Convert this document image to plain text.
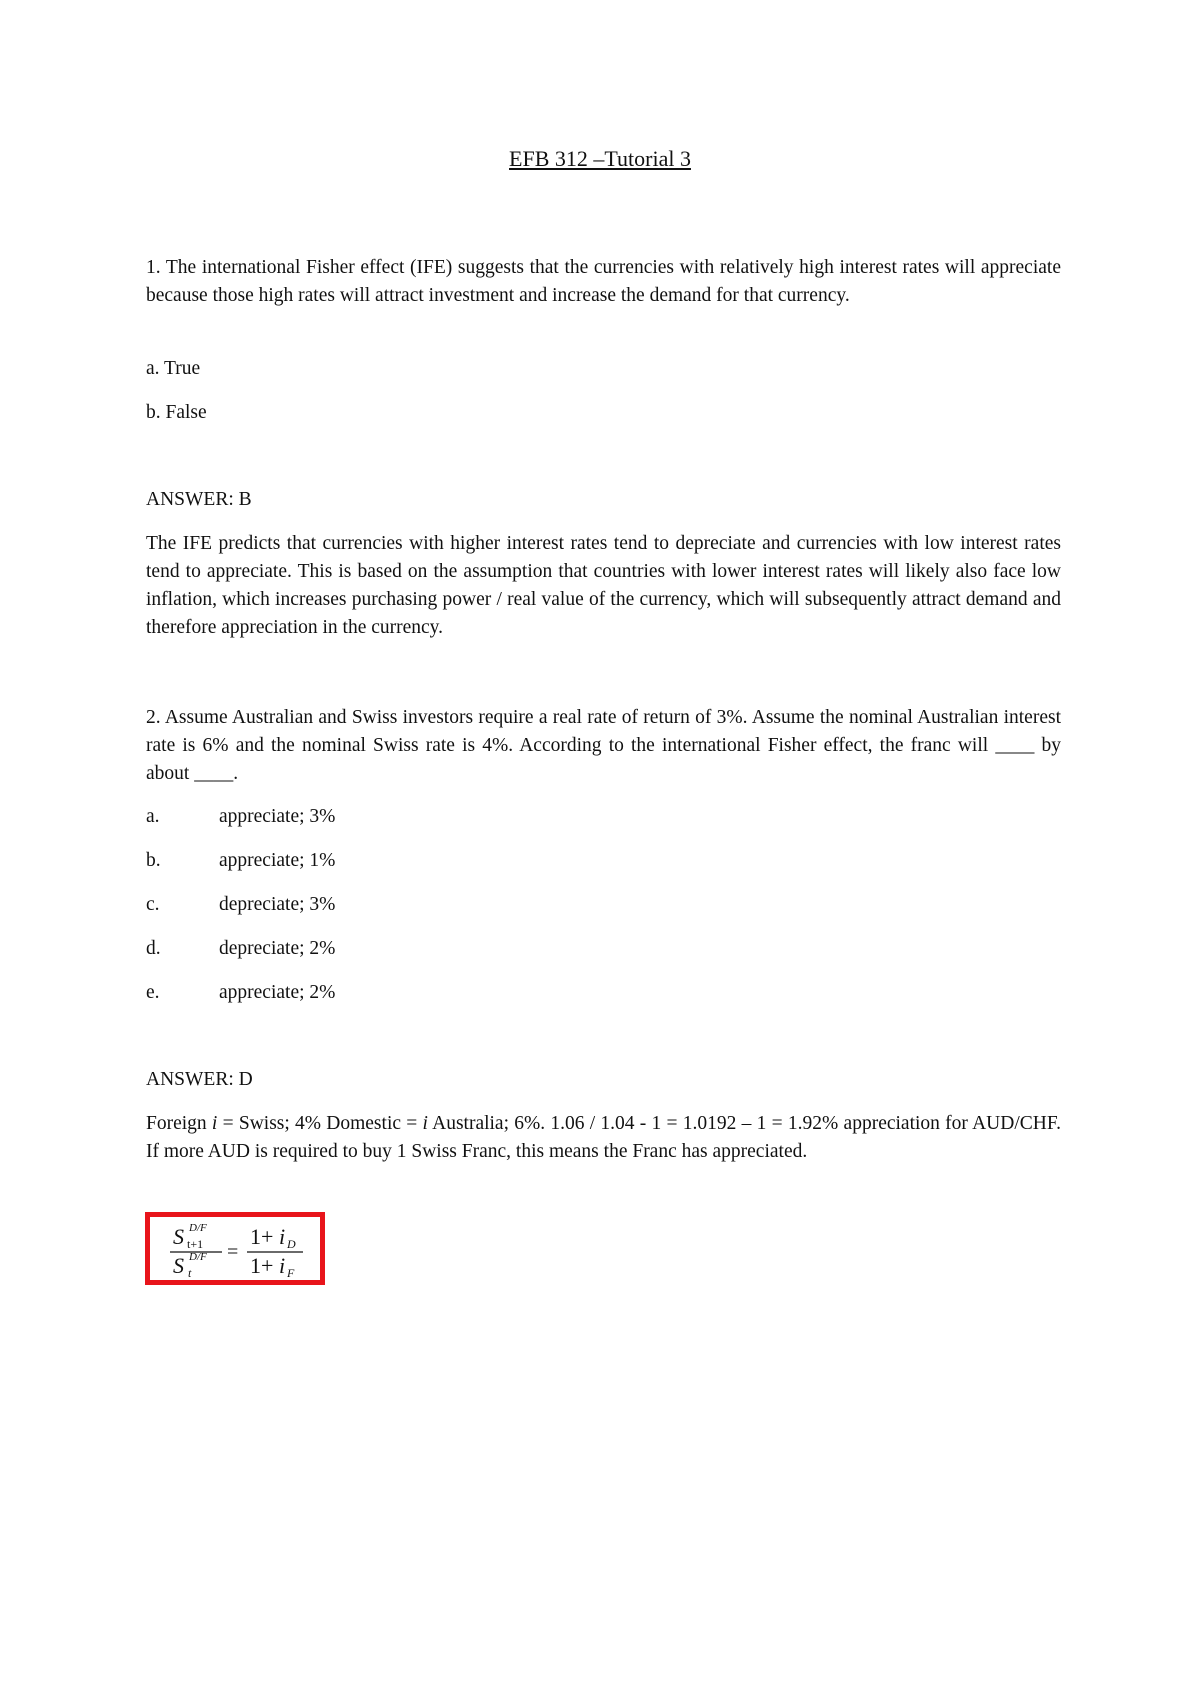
EFB 312 –Tutorial 3

1. The international Fisher effect (IFE) suggests that the currencies with relatively high interest rates will appreciate because those high rates will attract investment and increase the demand for that currency.

a. True

b. False

ANSWER: B

The IFE predicts that currencies with higher interest rates tend to depreciate and currencies with low interest rates tend to appreciate. This is based on the assumption that countries with lower interest rates will likely also face low inflation, which increases purchasing power / real value of the currency, which will subsequently attract demand and therefore appreciation in the currency.

2. Assume Australian and Swiss investors require a real rate of return of 3%. Assume the nominal Australian interest rate is 6% and the nominal Swiss rate is 4%. According to the international Fisher effect, the franc will ____ by about ____.

a.	appreciate; 3%
b.	appreciate; 1%
c.	depreciate; 3%
d.	depreciate; 2%
e.	appreciate; 2%

ANSWER: D

Foreign i = Swiss; 4% Domestic = i Australia; 6%. 1.06 / 1.04 - 1 = 1.0192 – 1 = 1.92% appreciation for AUD/CHF. If more AUD is required to buy 1 Swiss Franc, this means the Franc has appreciated.

S D/F
t+1
S D/F
t
=
1+ i D
1+ i F
